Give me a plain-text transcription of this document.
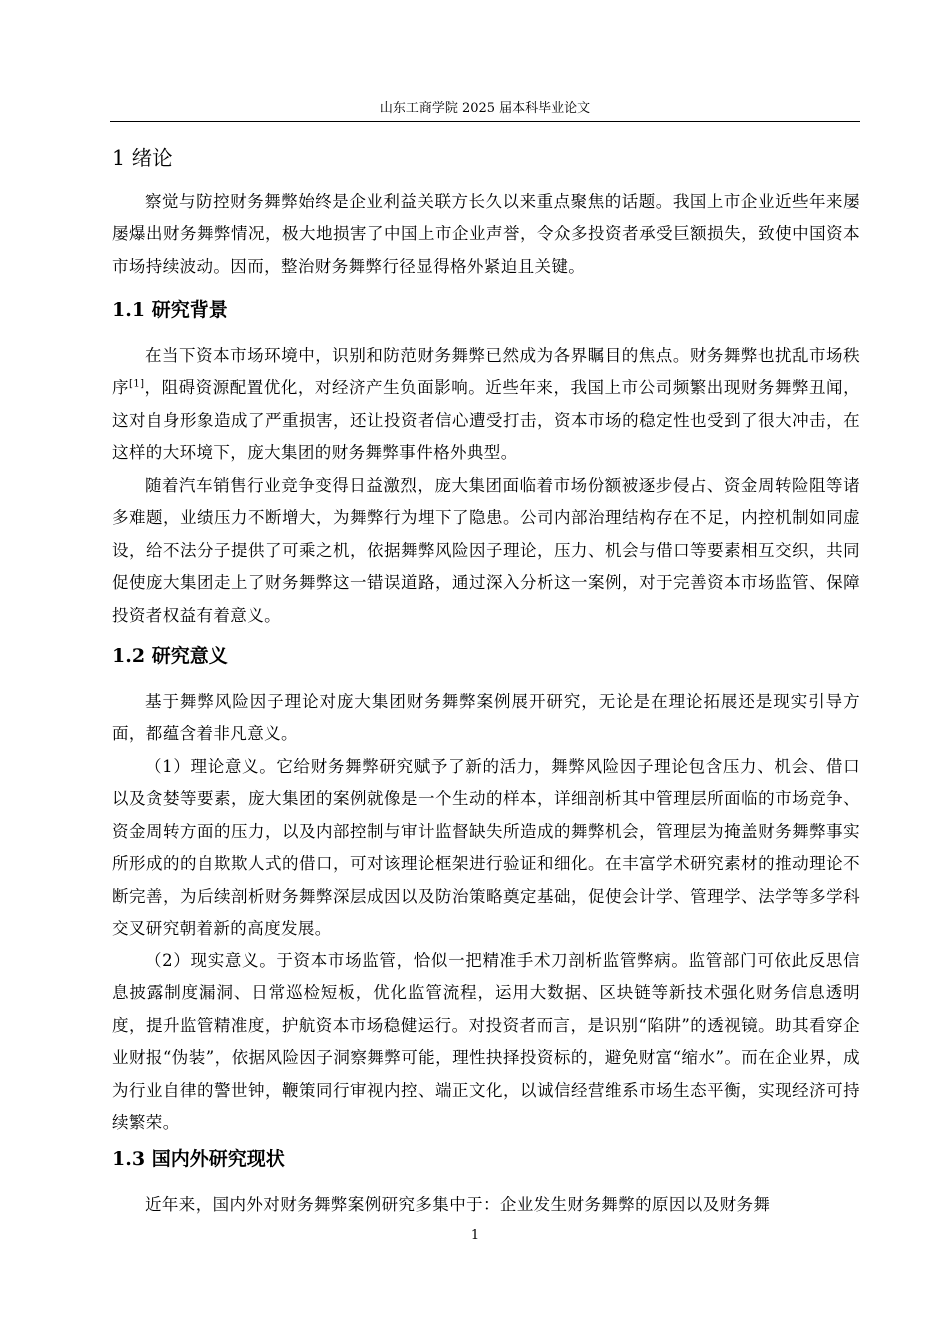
山东工商学院 2025 届本科毕业论文
1 绪论

察觉与防控财务舞弊始终是企业利益关联方长久以来重点聚焦的话题。我国上市企业近些年来屡屡爆出财务舞弊情况，极大地损害了中国上市企业声誉，令众多投资者承受巨额损失，致使中国资本市场持续波动。因而，整治财务舞弊行径显得格外紧迫且关键。

1.1 研究背景

在当下资本市场环境中，识别和防范财务舞弊已然成为各界瞩目的焦点。财务舞弊也扰乱市场秩序[1]，阻碍资源配置优化，对经济产生负面影响。近些年来，我国上市公司频繁出现财务舞弊丑闻，这对自身形象造成了严重损害，还让投资者信心遭受打击，资本市场的稳定性也受到了很大冲击，在这样的大环境下，庞大集团的财务舞弊事件格外典型。

随着汽车销售行业竞争变得日益激烈，庞大集团面临着市场份额被逐步侵占、资金周转险阻等诸多难题，业绩压力不断增大，为舞弊行为埋下了隐患。公司内部治理结构存在不足，内控机制如同虚设，给不法分子提供了可乘之机，依据舞弊风险因子理论，压力、机会与借口等要素相互交织，共同促使庞大集团走上了财务舞弊这一错误道路，通过深入分析这一案例，对于完善资本市场监管、保障投资者权益有着意义。

1.2 研究意义

基于舞弊风险因子理论对庞大集团财务舞弊案例展开研究，无论是在理论拓展还是现实引导方面，都蕴含着非凡意义。

（1）理论意义。它给财务舞弊研究赋予了新的活力，舞弊风险因子理论包含压力、机会、借口以及贪婪等要素，庞大集团的案例就像是一个生动的样本，详细剖析其中管理层所面临的市场竞争、资金周转方面的压力，以及内部控制与审计监督缺失所造成的舞弊机会，管理层为掩盖财务舞弊事实所形成的的自欺欺人式的借口，可对该理论框架进行验证和细化。在丰富学术研究素材的推动理论不断完善，为后续剖析财务舞弊深层成因以及防治策略奠定基础，促使会计学、管理学、法学等多学科交叉研究朝着新的高度发展。

（2）现实意义。于资本市场监管，恰似一把精准手术刀剖析监管弊病。监管部门可依此反思信息披露制度漏洞、日常巡检短板，优化监管流程，运用大数据、区块链等新技术强化财务信息透明度，提升监管精准度，护航资本市场稳健运行。对投资者而言，是识别“陷阱”的透视镜。助其看穿企业财报“伪装”，依据风险因子洞察舞弊可能，理性抉择投资标的，避免财富“缩水”。而在企业界，成为行业自律的警世钟，鞭策同行审视内控、端正文化，以诚信经营维系市场生态平衡，实现经济可持续繁荣。

1.3 国内外研究现状

近年来，国内外对财务舞弊案例研究多集中于：企业发生财务舞弊的原因以及财务舞

1
